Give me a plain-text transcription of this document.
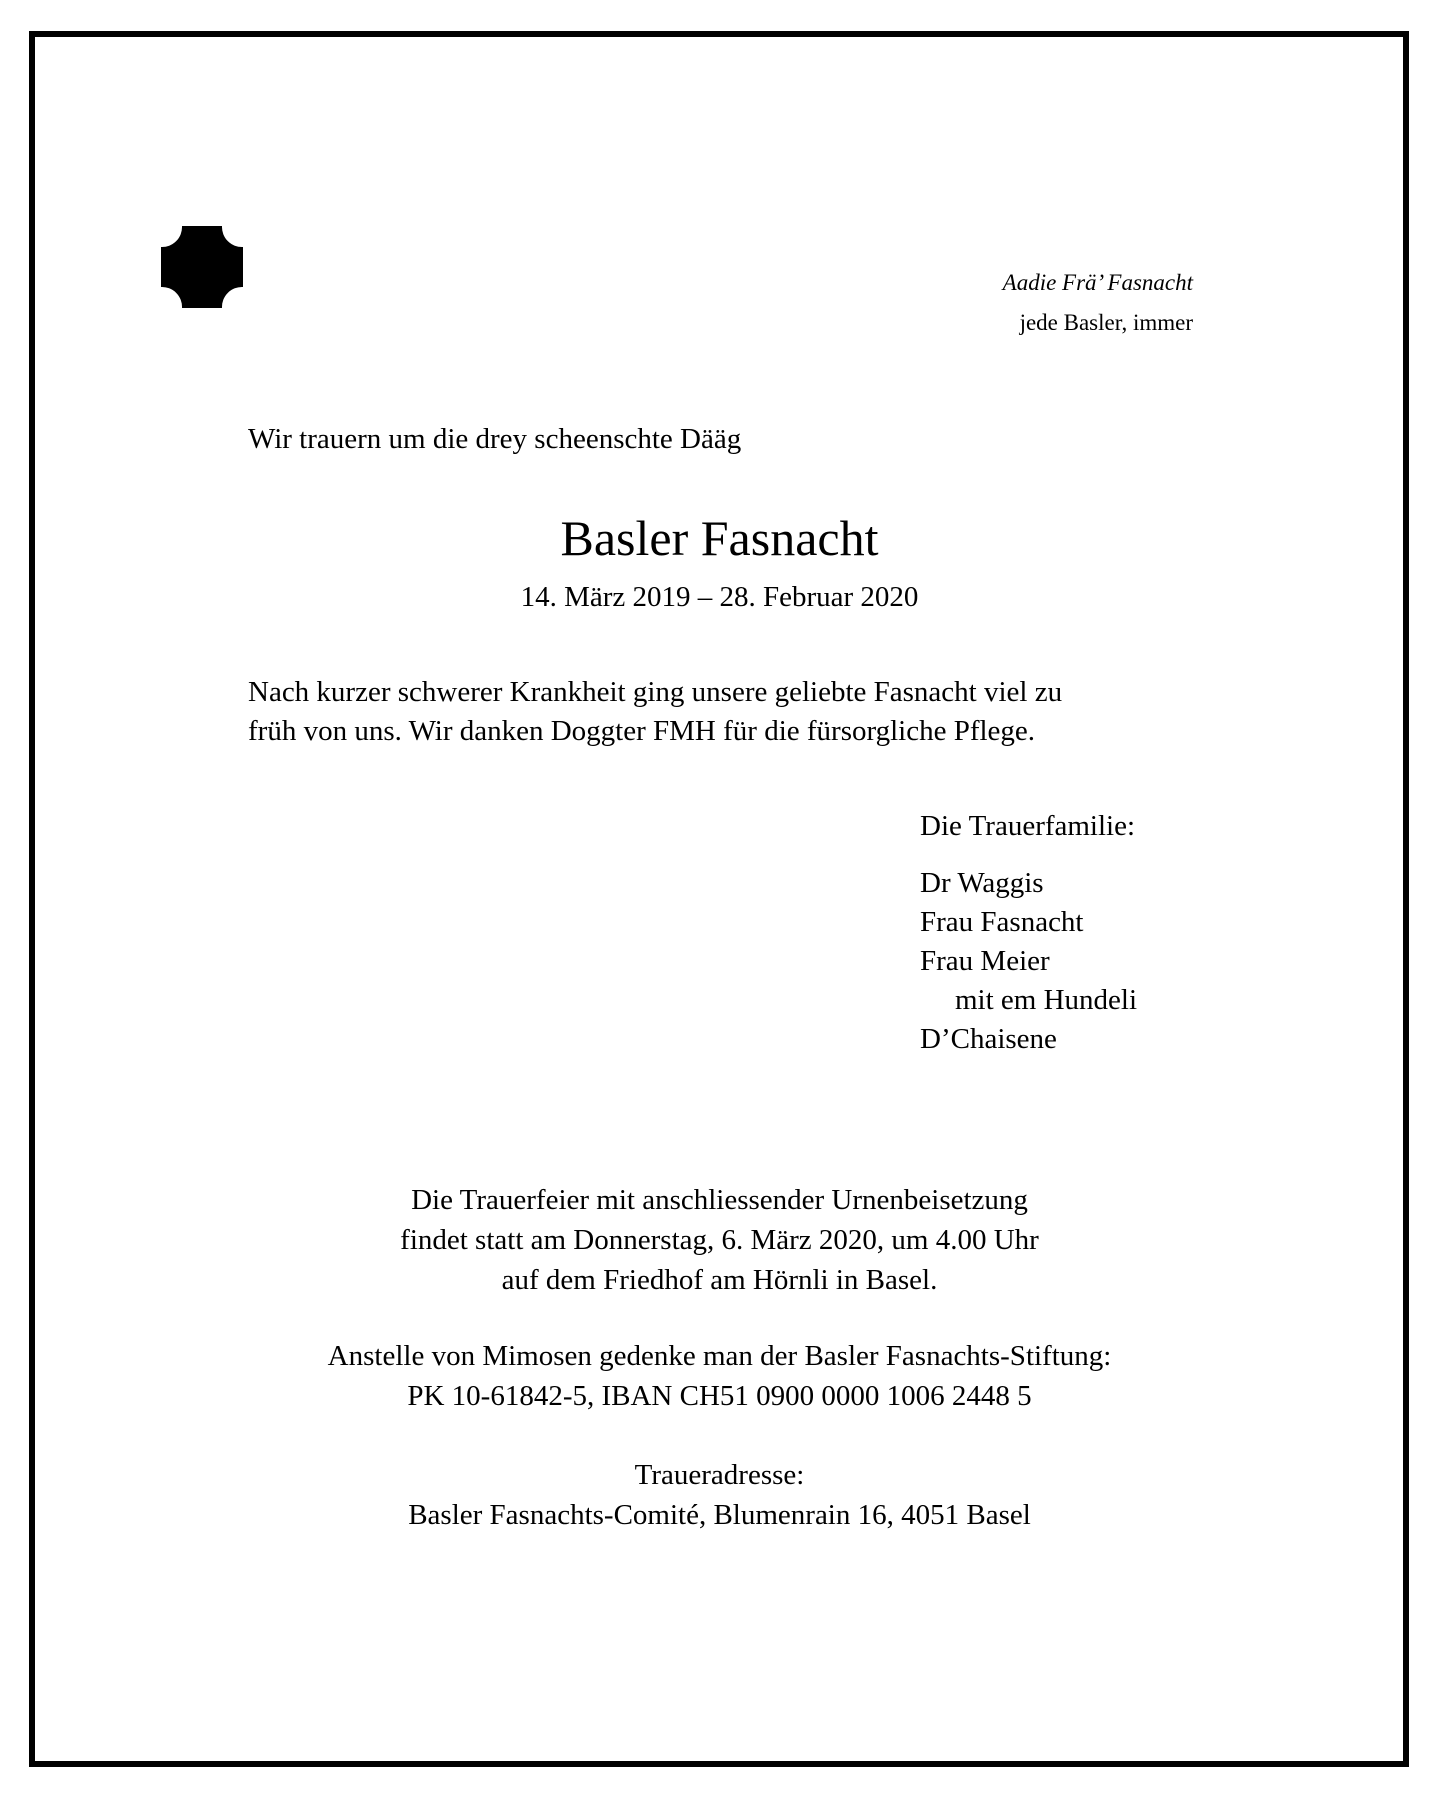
Aadie Frä’ Fasnacht
jede Basler, immer
Wir trauern um die drey scheenschte Dääg
Basler Fasnacht
14. März 2019 – 28. Februar 2020
Nach kurzer schwerer Krankheit ging unsere geliebte Fasnacht viel zu
früh von uns. Wir danken Doggter FMH für die fürsorgliche Pflege.
Die Trauerfamilie:
Dr Waggis
Frau Fasnacht
Frau Meier
mit em Hundeli
D’Chaisene
Die Trauerfeier mit anschliessender Urnenbeisetzung
findet statt am Donnerstag, 6. März 2020, um 4.00 Uhr
auf dem Friedhof am Hörnli in Basel.
Anstelle von Mimosen gedenke man der Basler Fasnachts-Stiftung:
PK 10-61842-5, IBAN CH51 0900 0000 1006 2448 5
Traueradresse:
Basler Fasnachts-Comité, Blumenrain 16, 4051 Basel
